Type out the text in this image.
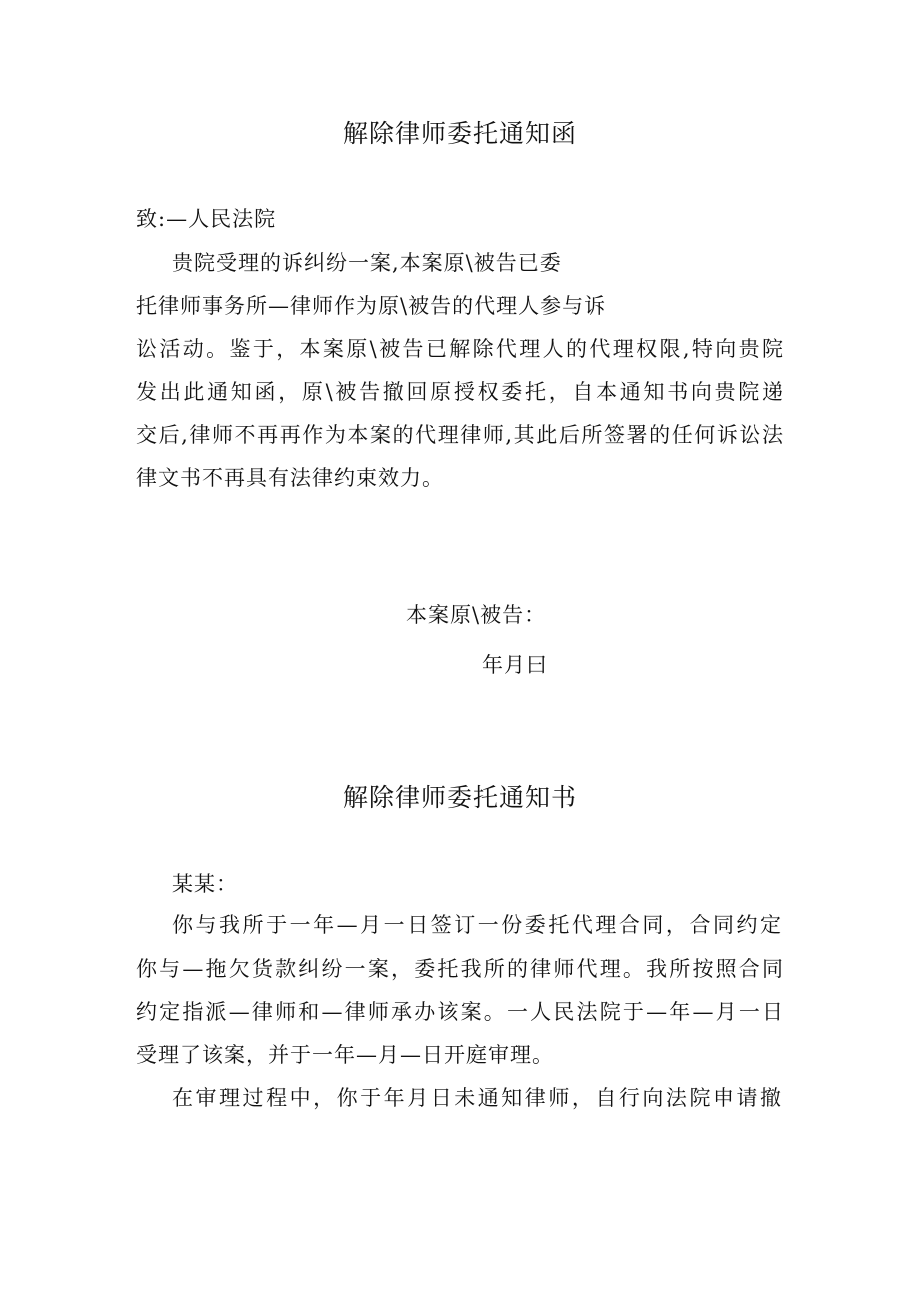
解除律师委托通知函
致:—人民法院
贵院受理的诉纠纷一案,本案原\被告已委
托律师事务所—律师作为原\被告的代理人参与诉
讼活动。鉴于，本案原\被告已解除代理人的代理权限,特向贵院
发出此通知函，原\被告撤回原授权委托，自本通知书向贵院递
交后,律师不再再作为本案的代理律师,其此后所签署的任何诉讼法
律文书不再具有法律约束效力。
本案原\被告：
年月曰
解除律师委托通知书
某某：
你与我所于一年—月一日签订一份委托代理合同，合同约定
你与—拖欠货款纠纷一案，委托我所的律师代理。我所按照合同
约定指派—律师和—律师承办该案。一人民法院于—年—月一日
受理了该案，并于一年—月—日开庭审理。
在审理过程中，你于年月日未通知律师，自行向法院申请撤
